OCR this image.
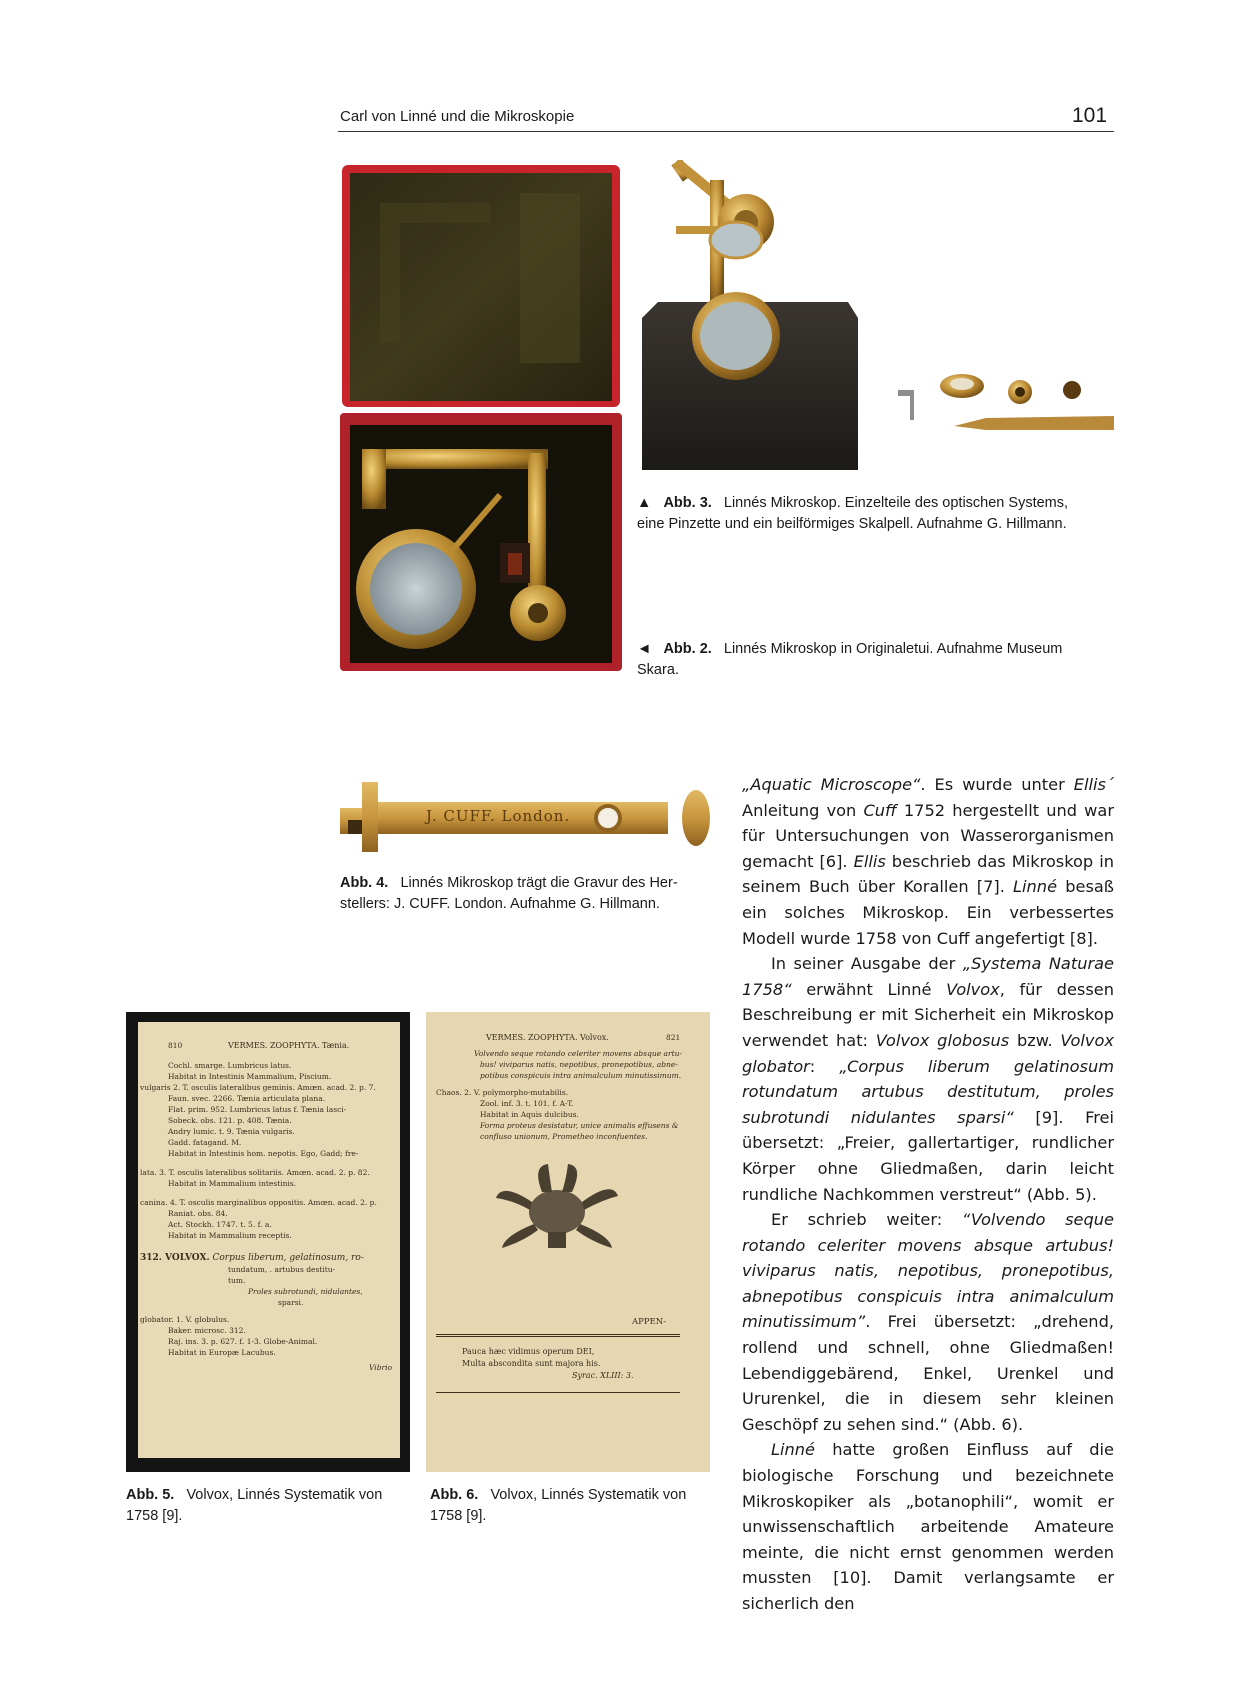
Carl von Linné und die Mikroskopie	101
▲ Abb. 3. Linnés Mikroskop. Einzelteile des optischen Systems,
eine Pinzette und ein beilförmiges Skalpell. Aufnahme G. Hillmann.
◄ Abb. 2. Linnés Mikroskop in Originaletui. Aufnahme Museum
Skara.
J. CUFF. London.
Abb. 4. Linnés Mikroskop trägt die Gravur des Her-
stellers: J. CUFF. London. Aufnahme G. Hillmann.
810	VERMES. ZOOPHYTA. Tænia.
Cochl. smarge. Lumbricus latus.
Habitat in Intestinis Mammalium, Piscium.
vulgaris 2. T. osculis lateralibus geminis. Amœn. acad. 2. p. 7.
Faun. svec. 2266. Tænia articulata plana.
Flat. prim. 952. Lumbricus latus f. Tænia lasci-
Sobeck. obs. 121. p. 408. Tænia.
Andry lumic. t. 9. Tænia vulgaris.
Gadd. fatagand. M.
Habitat in Intestinis hom. nepotis. Ego, Gadd; fre-
lata. 3. T. osculis lateralibus solitariis. Amœn. acad. 2. p. 82.
Habitat in Mammalium intestinis.
canina. 4. T. osculis marginalibus oppositis. Amœn. acad. 2. p.
Raniat. obs. 84.
Act. Stockh. 1747. t. 5. f. a.
Habitat in Mammalium receptis.
312. VOLVOX. Corpus liberum, gelatinosum, ro-
tundatum, . artubus destitu-
tum.
Proles subrotundi, nidulantes,
sparsi.
globator. 1. V. globulus.
Baker. microsc. 312.
Raj. ins. 3. p. 627. f. 1-3. Globe-Animal.
Habitat in Europæ Lacubus.
Vibrio
Abb. 5. Volvox, Linnés Systematik von
1758 [9].
VERMES. ZOOPHYTA. Volvox.	821
Volvendo seque rotando celeriter movens absque artu-
bus! viviparus natis, nepotibus, pronepotibus, abne-
potibus conspicuis intra animalculum minutissimum.
Chaos. 2. V. polymorpho-mutabilis.
Zool. inf. 3. t. 101. f. A-T.
Habitat in Aquis dulcibus.
Forma proteus desistatur, unice animalis effusens &
confluso unionum, Prometheo inconfuentes.
APPEN-
Pauca hæc vidimus operum DEI,
Multa abscondita sunt majora his.
Syrac. XLIII: 3.
Abb. 6. Volvox, Linnés Systematik von
1758 [9].

„Aquatic Microscope“. Es wurde unter Ellis´ Anleitung von Cuff 1752 hergestellt und war für Untersuchungen von Wasserorganismen gemacht [6]. Ellis beschrieb das Mikroskop in seinem Buch über Korallen [7]. Linné besaß ein solches Mikroskop. Ein verbessertes Modell wurde 1758 von Cuff angefertigt [8].

In seiner Ausgabe der „Systema Naturae 1758“ erwähnt Linné Volvox, für dessen Beschreibung er mit Sicherheit ein Mikroskop verwendet hat: Volvox globosus bzw. Volvox globator: „Corpus liberum gelatinosum rotundatum artubus destitutum, proles subrotundi nidulantes sparsi“ [9]. Frei übersetzt: „Freier, gallertartiger, rundlicher Körper ohne Gliedmaßen, darin leicht rundliche Nachkommen verstreut“ (Abb. 5).

Er schrieb weiter: “Volvendo seque rotando celeriter movens absque artubus! viviparus natis, nepotibus, pronepotibus, abnepotibus conspicuis intra animalculum minutissimum”. Frei übersetzt: „drehend, rollend und schnell, ohne Gliedmaßen! Lebendiggebärend, Enkel, Urenkel und Ururenkel, die in diesem sehr kleinen Geschöpf zu sehen sind.“ (Abb. 6).

Linné hatte großen Einfluss auf die biologische Forschung und bezeichnete Mikroskopiker als „botanophili“, womit er unwissenschaftlich arbeitende Amateure meinte, die nicht ernst genommen werden mussten [10]. Damit verlangsamte er sicherlich den
